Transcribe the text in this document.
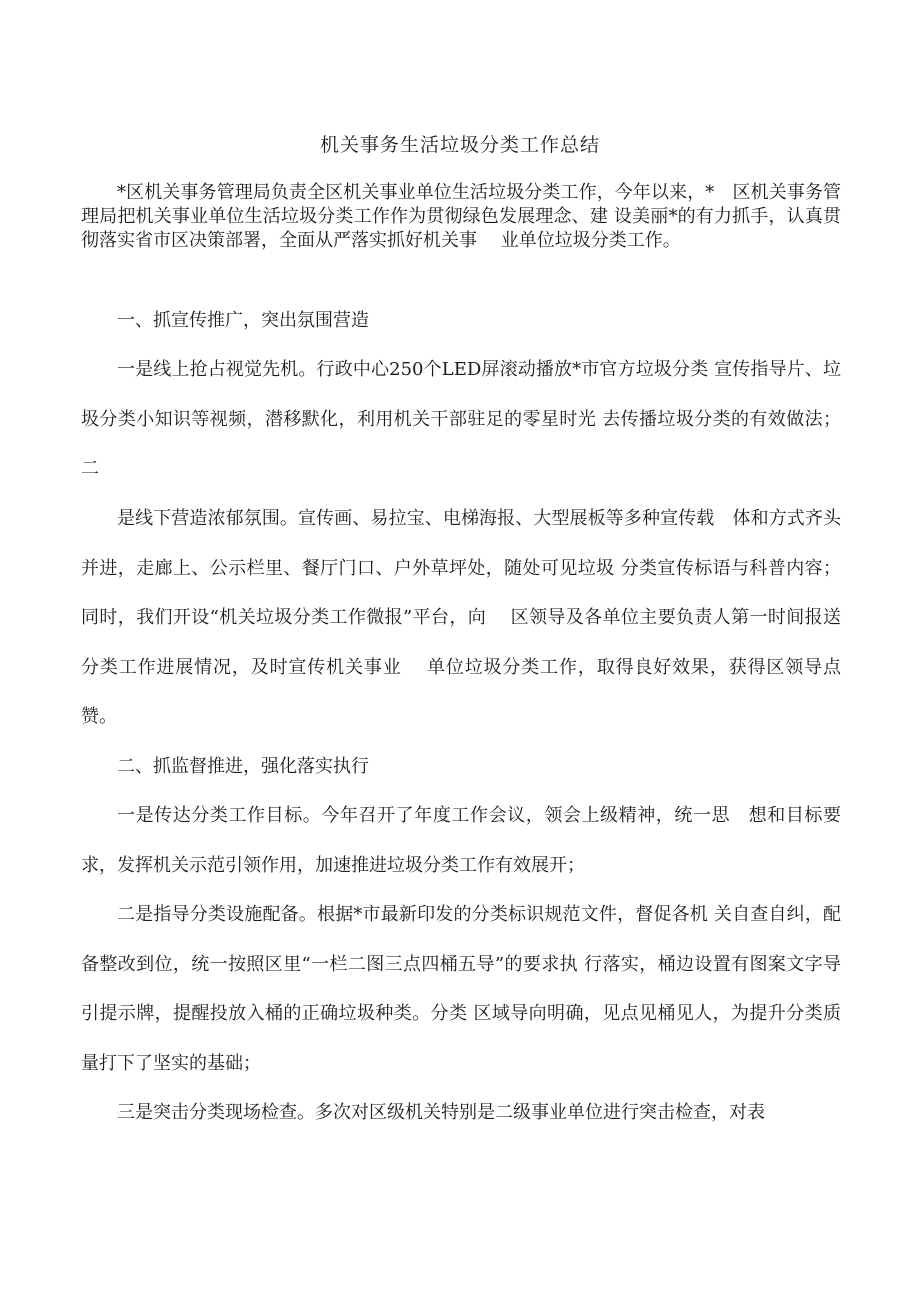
机关事务生活垃圾分类工作总结
*区机关事务管理局负责全区机关事业单位生活垃圾分类工作，今年以来，*　区机关事务管理局把机关事业单位生活垃圾分类工作作为贯彻绿色发展理念、建 设美丽*的有力抓手，认真贯彻落实省市区决策部署，全面从严落实抓好机关事　 业单位垃圾分类工作。
一、抓宣传推广，突出氛围营造
一是线上抢占视觉先机。行政中心250个LED屏滚动播放*市官方垃圾分类 宣传指导片、垃圾分类小知识等视频，潜移默化，利用机关干部驻足的零星时光 去传播垃圾分类的有效做法；二
是线下营造浓郁氛围。宣传画、易拉宝、电梯海报、大型展板等多种宣传载　体和方式齐头并进，走廊上、公示栏里、餐厅门口、户外草坪处，随处可见垃圾 分类宣传标语与科普内容；同时，我们开设“机关垃圾分类工作微报”平台，向　 区领导及各单位主要负责人第一时间报送分类工作进展情况，及时宣传机关事业　 单位垃圾分类工作，取得良好效果，获得区领导点赞。
二、抓监督推进，强化落实执行
一是传达分类工作目标。今年召开了年度工作会议，领会上级精神，统一思　想和目标要求，发挥机关示范引领作用，加速推进垃圾分类工作有效展开；
二是指导分类设施配备。根据*市最新印发的分类标识规范文件，督促各机 关自查自纠，配备整改到位，统一按照区里“一栏二图三点四桶五导”的要求执 行落实，桶边设置有图案文字导引提示牌，提醒投放入桶的正确垃圾种类。分类 区域导向明确，见点见桶见人，为提升分类质量打下了坚实的基础；
三是突击分类现场检查。多次对区级机关特别是二级事业单位进行突击检查，对表
